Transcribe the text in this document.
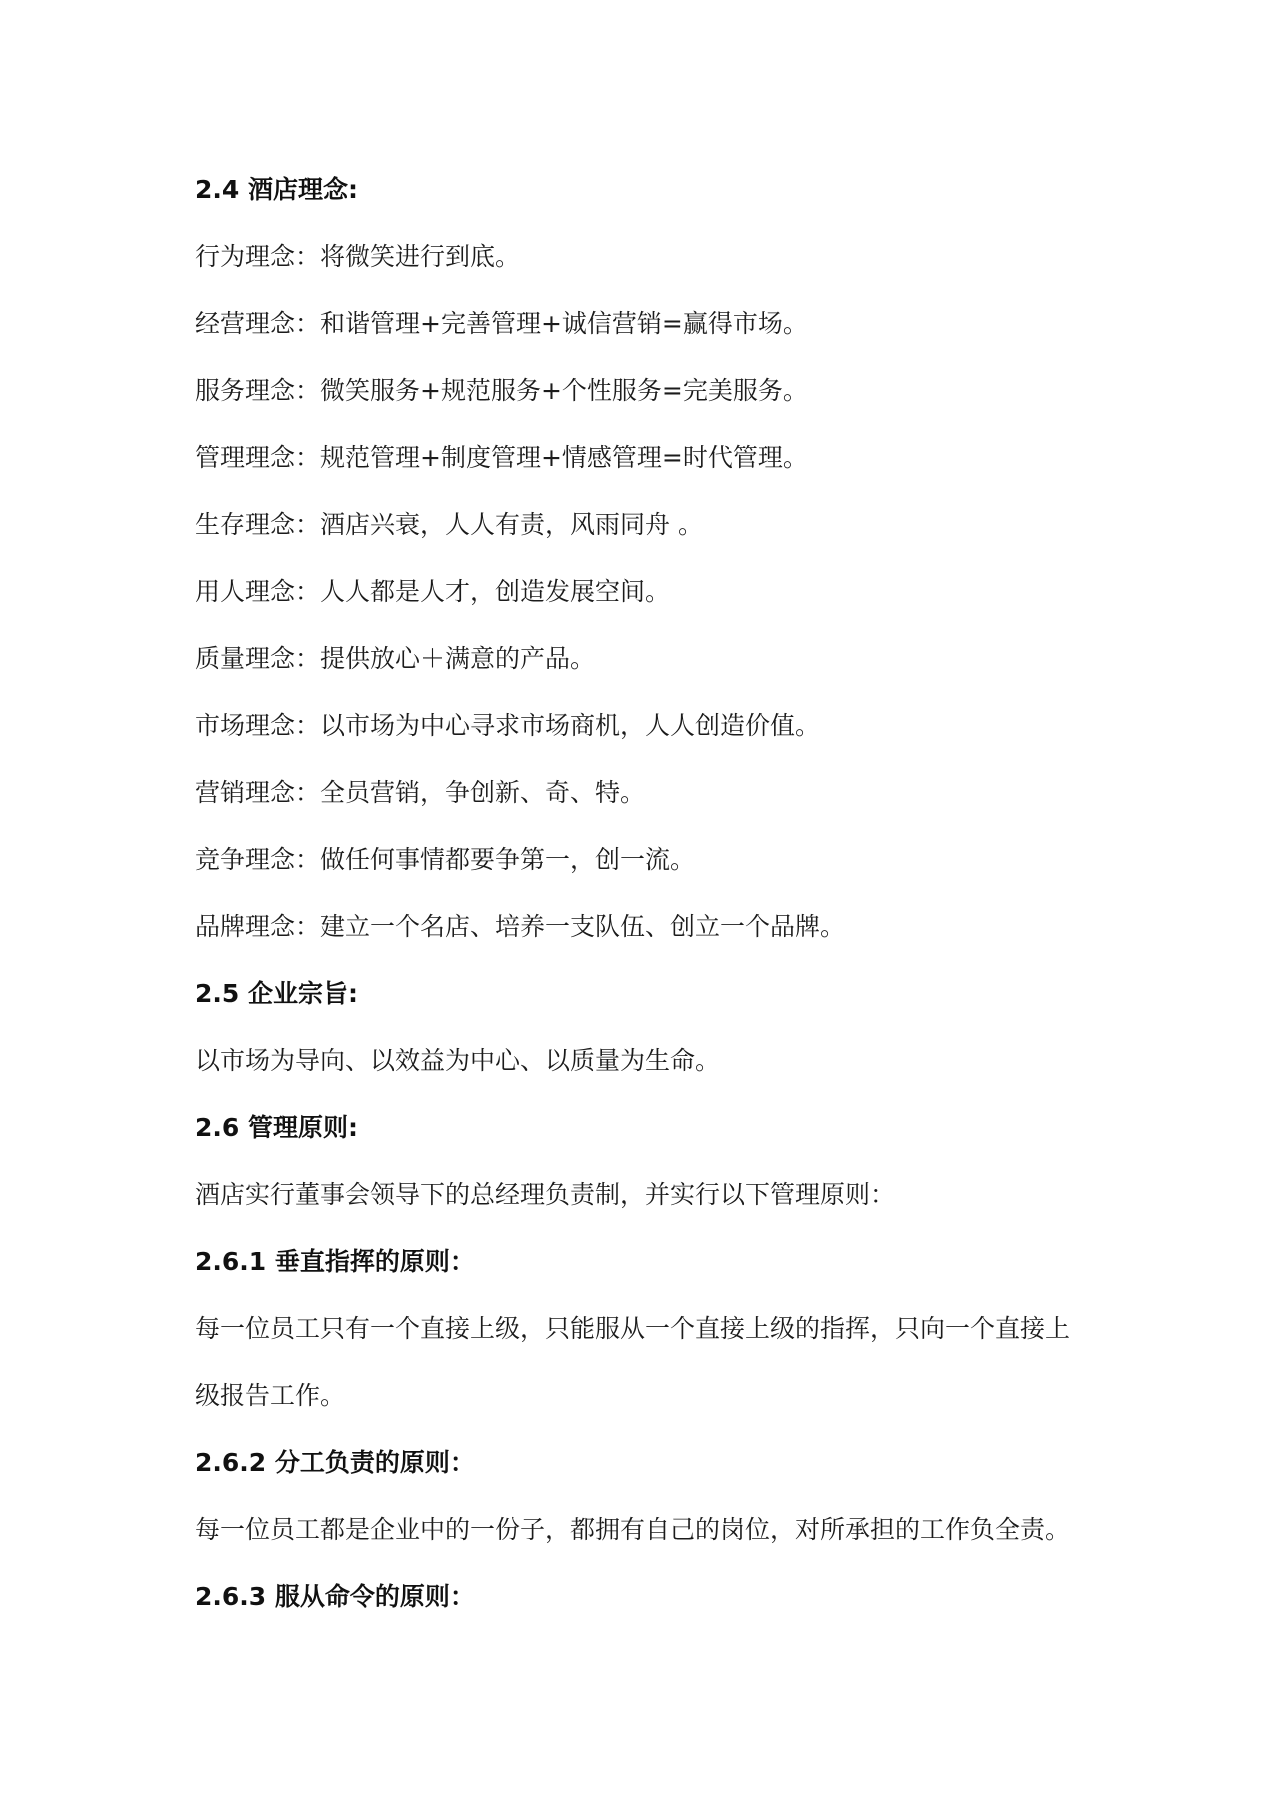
2.4 酒店理念:
行为理念：将微笑进行到底。
经营理念：和谐管理+完善管理+诚信营销=赢得市场。
服务理念：微笑服务+规范服务+个性服务=完美服务。
管理理念：规范管理+制度管理+情感管理=时代管理。
生存理念：酒店兴衰，人人有责，风雨同舟 。
用人理念：人人都是人才，创造发展空间。
质量理念：提供放心＋满意的产品。
市场理念：以市场为中心寻求市场商机，人人创造价值。
营销理念：全员营销，争创新、奇、特。
竞争理念：做任何事情都要争第一，创一流。
品牌理念：建立一个名店、培养一支队伍、创立一个品牌。
2.5 企业宗旨:
以市场为导向、以效益为中心、以质量为生命。
2.6 管理原则:
酒店实行董事会领导下的总经理负责制，并实行以下管理原则：
2.6.1 垂直指挥的原则：
每一位员工只有一个直接上级，只能服从一个直接上级的指挥，只向一个直接上
级报告工作。
2.6.2 分工负责的原则：
每一位员工都是企业中的一份子，都拥有自己的岗位，对所承担的工作负全责。
2.6.3 服从命令的原则：
